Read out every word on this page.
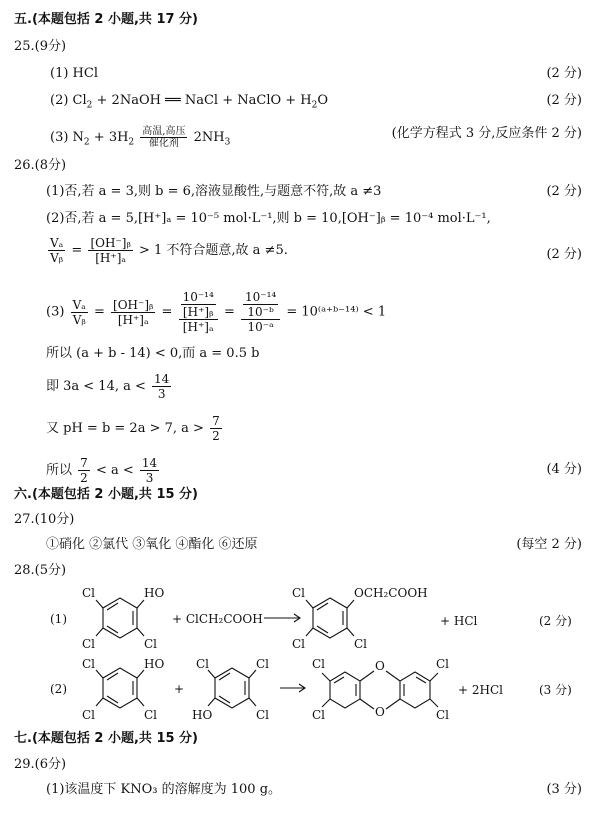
五.(本题包括 2 小题,共 17 分)
25.(9分)
(1) HCl	(2 分)
(2) $Cl_2$ + 2NaOH ══ NaCl + NaClO + $H_2O$	(2 分)
(3) $N_2 + 3H_2$
高温,高压
催化剂	$2NH_3$
(化学方程式 3 分,反应条件 2 分)
26.(8分)
(1)否,若 a = 3,则 b = 6,溶液显酸性,与题意不符,故 a ≠3	(2 分)
(2)否,若 a = 5,[H⁺]ₐ = 10⁻⁵ mol·L⁻¹,则 b = 10,[OH⁻]ᵦ = 10⁻⁴ mol·L⁻¹,
$\frac{\text{Vₐ}}{\text{Vᵦ}} = \frac{\text{[OH⁻]ᵦ}}{\text{[H⁺]ₐ}} > 1$ 不符合题意,故 a ≠5.	(2 分)
$(3) \frac{\text{Vₐ}}{\text{Vᵦ}} = \frac{\text{[OH⁻]ᵦ}}{\text{[H⁺]ₐ}} = \frac{\frac{\text{10⁻¹⁴}}{\text{[H⁺]ᵦ}}}{\text{[H⁺]ₐ}} = \frac{\frac{\text{10⁻¹⁴}}{\text{10⁻ᵇ}}}{\text{10⁻ᵃ}}$ = 10⁽ᵃ⁺ᵇ⁻¹⁴⁾ < 1
所以 (a + b - 14) < 0,而 a = 0.5 b
即 3a < 14, $a < \frac{14}{3}$
又 pH = b = 2a > 7, $a > \frac{7}{2}$
所以 $\frac{7}{2} < a < \frac{14}{3}$	(4 分)
六.(本题包括 2 小题,共 15 分)
27.(10分)
①硝化 ②氯代 ③氧化 ④酯化 ⑥还原	(每空 2 分)
28.(5分)
(1)
Cl	HO
Cl	Cl
+ ClCH₂COOH
Cl	OCH₂COOH
Cl	Cl
+ HCl	(2 分)
(2)
Cl	HO
Cl	Cl
+
Cl	Cl
HO	Cl
Cl	O	Cl
Cl	O	Cl
+ 2HCl	(3 分)
七.(本题包括 2 小题,共 15 分)
29.(6分)
(1)该温度下 KNO₃ 的溶解度为 100 g。	(3 分)
